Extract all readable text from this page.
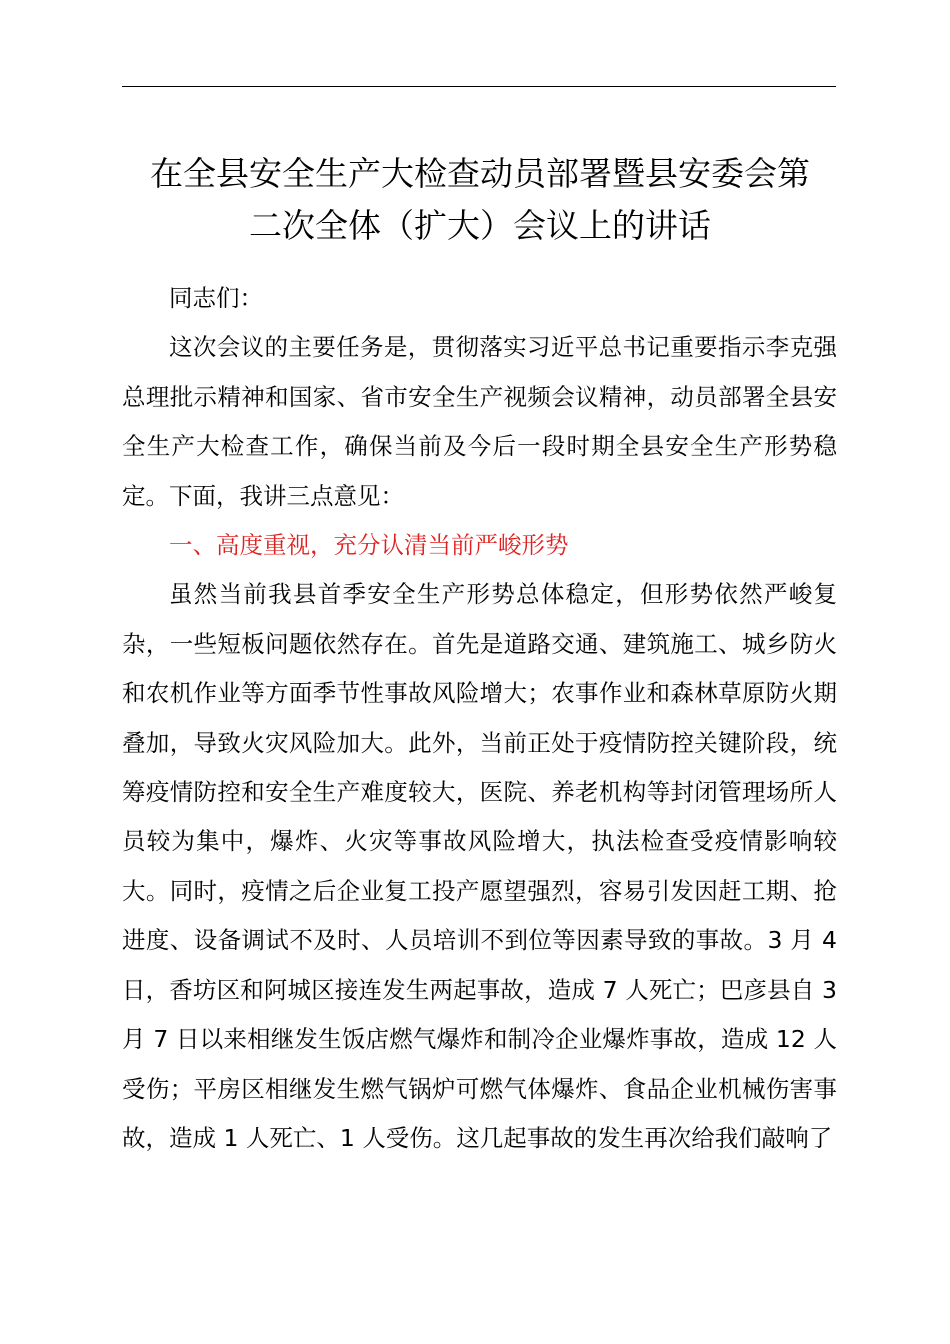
在全县安全生产大检查动员部署暨县安委会第
二次全体（扩大）会议上的讲话

同志们：

这次会议的主要任务是，贯彻落实习近平总书记重要指示李克强总理批示精神和国家、省市安全生产视频会议精神，动员部署全县安全生产大检查工作，确保当前及今后一段时期全县安全生产形势稳定。下面，我讲三点意见：

一、高度重视，充分认清当前严峻形势

虽然当前我县首季安全生产形势总体稳定，但形势依然严峻复杂，一些短板问题依然存在。首先是道路交通、建筑施工、城乡防火和农机作业等方面季节性事故风险增大；农事作业和森林草原防火期叠加，导致火灾风险加大。此外，当前正处于疫情防控关键阶段，统筹疫情防控和安全生产难度较大，医院、养老机构等封闭管理场所人员较为集中，爆炸、火灾等事故风险增大，执法检查受疫情影响较大。同时，疫情之后企业复工投产愿望强烈，容易引发因赶工期、抢进度、设备调试不及时、人员培训不到位等因素导致的事故。3 月 4 日，香坊区和阿城区接连发生两起事故，造成 7 人死亡；巴彦县自 3 月 7 日以来相继发生饭店燃气爆炸和制冷企业爆炸事故，造成 12 人受伤；平房区相继发生燃气锅炉可燃气体爆炸、食品企业机械伤害事故，造成 1 人死亡、1 人受伤。这几起事故的发生再次给我们敲响了
